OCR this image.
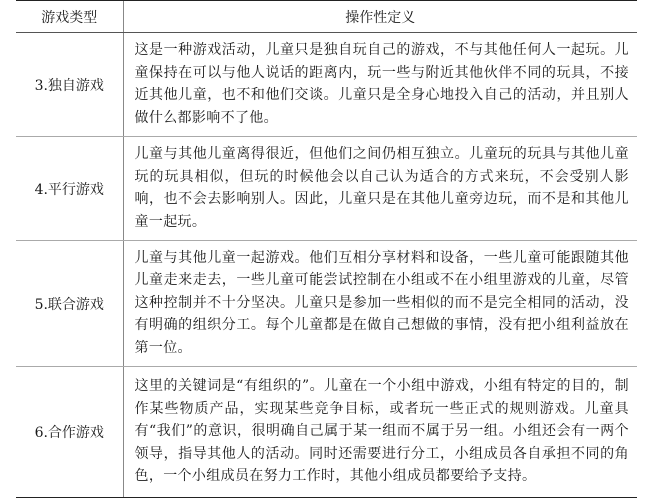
游戏类型	操作性定义
3.独自游戏	这是一种游戏活动，儿童只是独自玩自己的游戏，不与其他任何人一起玩。儿童保持在可以与他人说话的距离内，玩一些与附近其他伙伴不同的玩具，不接近其他儿童，也不和他们交谈。儿童只是全身心地投入自己的活动，并且别人做什么都影响不了他。
4.平行游戏	儿童与其他儿童离得很近，但他们之间仍相互独立。儿童玩的玩具与其他儿童玩的玩具相似，但玩的时候他会以自己认为适合的方式来玩，不会受别人影响，也不会去影响别人。因此，儿童只是在其他儿童旁边玩，而不是和其他儿童一起玩。
5.联合游戏	儿童与其他儿童一起游戏。他们互相分享材料和设备，一些儿童可能跟随其他儿童走来走去，一些儿童可能尝试控制在小组或不在小组里游戏的儿童，尽管这种控制并不十分坚决。儿童只是参加一些相似的而不是完全相同的活动，没有明确的组织分工。每个儿童都是在做自己想做的事情，没有把小组利益放在第一位。
6.合作游戏	这里的关键词是“有组织的”。儿童在一个小组中游戏，小组有特定的目的，制作某些物质产品，实现某些竞争目标，或者玩一些正式的规则游戏。儿童具有“我们”的意识，很明确自己属于某一组而不属于另一组。小组还会有一两个领导，指导其他人的活动。同时还需要进行分工，小组成员各自承担不同的角色，一个小组成员在努力工作时，其他小组成员都要给予支持。
